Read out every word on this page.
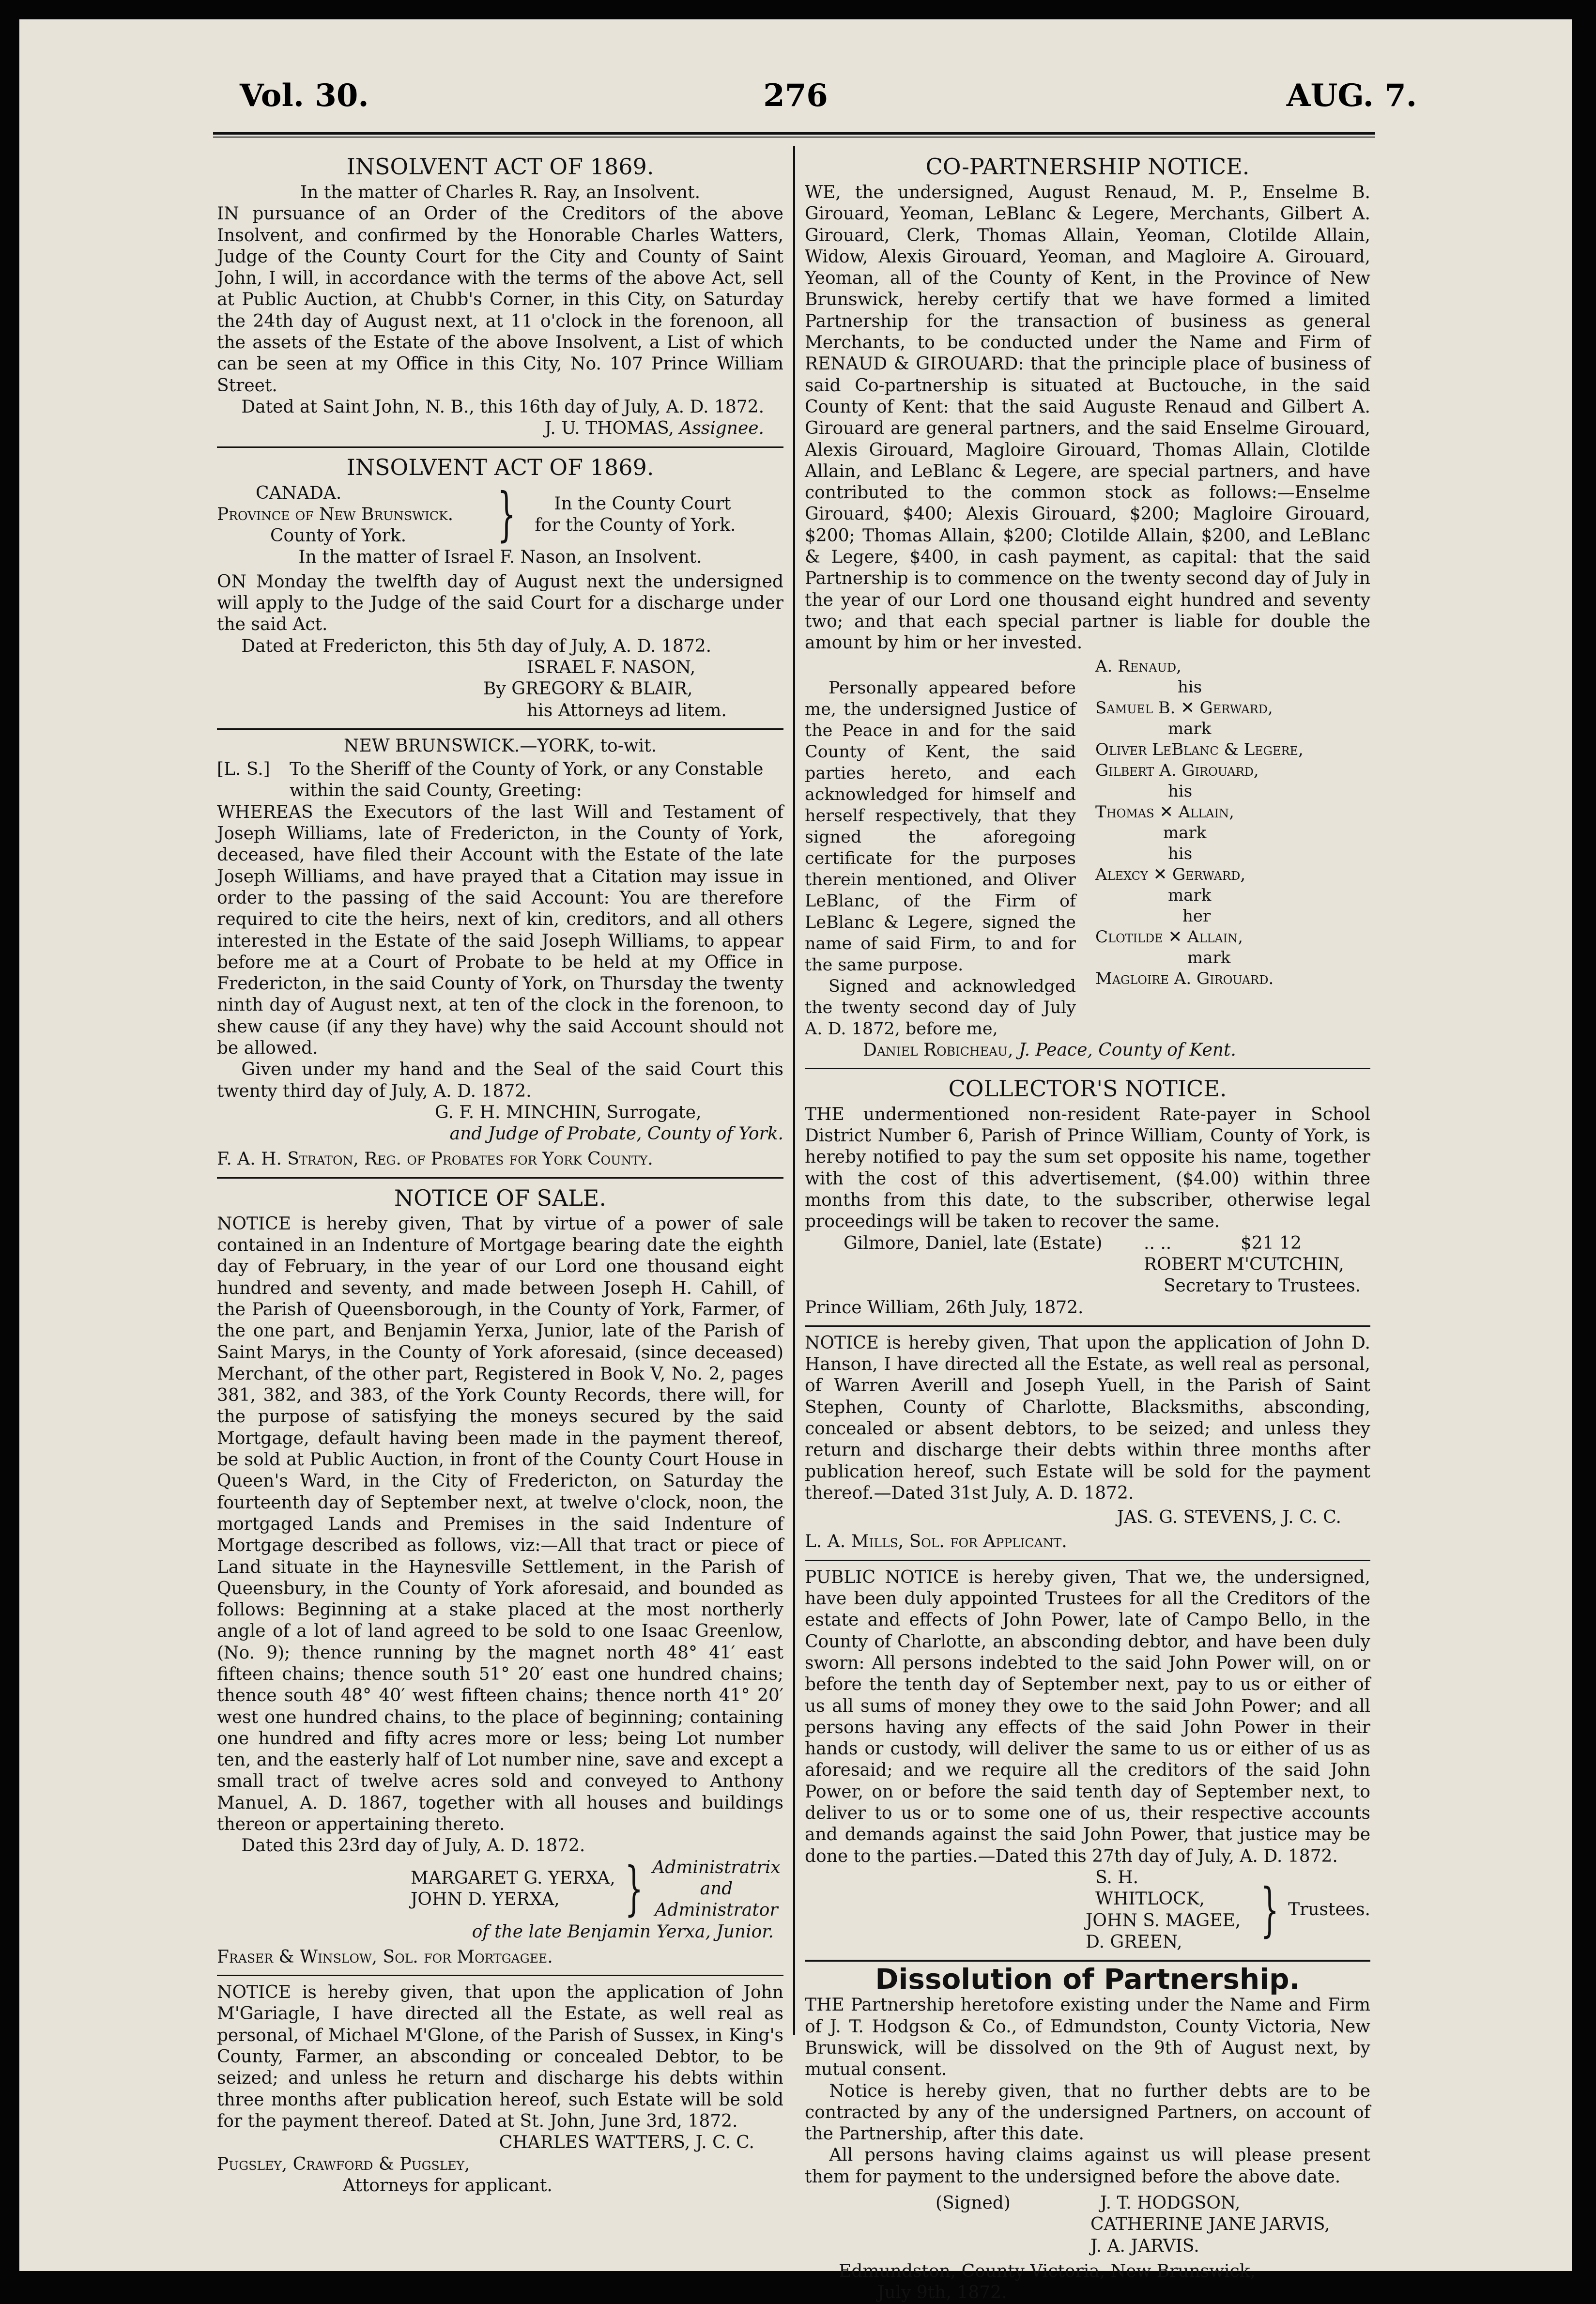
276
Vol. 30.	AUG. 7.
INSOLVENT ACT OF 1869.

In the matter of Charles R. Ray, an Insolvent.

IN pursuance of an Order of the Creditors of the above Insolvent, and confirmed by the Honorable Charles Watters, Judge of the County Court for the City and County of Saint John, I will, in accordance with the terms of the above Act, sell at Public Auction, at Chubb's Corner, in this City, on Saturday the 24th day of August next, at 11 o'clock in the forenoon, all the assets of the Estate of the above Insolvent, a List of which can be seen at my Office in this City, No. 107 Prince William Street.

Dated at Saint John, N. B., this 16th day of July, A. D. 1872.

J. U. THOMAS, Assignee.

INSOLVENT ACT OF 1869.
CANADA.
Province of New Brunswick.
County of York.	}	In the County Court
for the County of York.

In the matter of Israel F. Nason, an Insolvent.

ON Monday the twelfth day of August next the undersigned will apply to the Judge of the said Court for a discharge under the said Act.

Dated at Fredericton, this 5th day of July, A. D. 1872.

ISRAEL F. NASON,

By GREGORY & BLAIR,

his Attorneys ad litem.

NEW BRUNSWICK.—YORK, to-wit.
[L. S.]	To the Sheriff of the County of York, or any Constable within the said County, Greeting:

WHEREAS the Executors of the last Will and Testament of Joseph Williams, late of Fredericton, in the County of York, deceased, have filed their Account with the Estate of the late Joseph Williams, and have prayed that a Citation may issue in order to the passing of the said Account: You are therefore required to cite the heirs, next of kin, creditors, and all others interested in the Estate of the said Joseph Williams, to appear before me at a Court of Probate to be held at my Office in Fredericton, in the said County of York, on Thursday the twenty ninth day of August next, at ten of the clock in the forenoon, to shew cause (if any they have) why the said Account should not be allowed.

Given under my hand and the Seal of the said Court this twenty third day of July, A. D. 1872.

G. F. H. MINCHIN, Surrogate,

and Judge of Probate, County of York.

F. A. H. Straton, Reg. of Probates for York County.

NOTICE OF SALE.

NOTICE is hereby given, That by virtue of a power of sale contained in an Indenture of Mortgage bearing date the eighth day of February, in the year of our Lord one thousand eight hundred and seventy, and made between Joseph H. Cahill, of the Parish of Queensborough, in the County of York, Farmer, of the one part, and Benjamin Yerxa, Junior, late of the Parish of Saint Marys, in the County of York aforesaid, (since deceased) Merchant, of the other part, Registered in Book V, No. 2, pages 381, 382, and 383, of the York County Records, there will, for the purpose of satisfying the moneys secured by the said Mortgage, default having been made in the payment thereof, be sold at Public Auction, in front of the County Court House in Queen's Ward, in the City of Fredericton, on Saturday the fourteenth day of September next, at twelve o'clock, noon, the mortgaged Lands and Premises in the said Indenture of Mortgage described as follows, viz:—All that tract or piece of Land situate in the Haynesville Settlement, in the Parish of Queensbury, in the County of York aforesaid, and bounded as follows: Beginning at a stake placed at the most northerly angle of a lot of land agreed to be sold to one Isaac Greenlow, (No. 9); thence running by the magnet north 48° 41′ east fifteen chains; thence south 51° 20′ east one hundred chains; thence south 48° 40′ west fifteen chains; thence north 41° 20′ west one hundred chains, to the place of beginning; containing one hundred and fifty acres more or less; being Lot number ten, and the easterly half of Lot number nine, save and except a small tract of twelve acres sold and conveyed to Anthony Manuel, A. D. 1867, together with all houses and buildings thereon or appertaining thereto.

Dated this 23rd day of July, A. D. 1872.

MARGARET G. YERXA,
JOHN D. YERXA,	} Administratrix
and
Administrator

of the late Benjamin Yerxa, Junior.

Fraser & Winslow, Sol. for Mortgagee.

NOTICE is hereby given, that upon the application of John M'Gariagle, I have directed all the Estate, as well real as personal, of Michael M'Glone, of the Parish of Sussex, in King's County, Farmer, an absconding or concealed Debtor, to be seized; and unless he return and discharge his debts within three months after publication hereof, such Estate will be sold for the payment thereof. Dated at St. John, June 3rd, 1872.

CHARLES WATTERS, J. C. C.

Pugsley, Crawford & Pugsley,

Attorneys for applicant.

CO-PARTNERSHIP NOTICE.

WE, the undersigned, August Renaud, M. P., Enselme B. Girouard, Yeoman, LeBlanc & Legere, Merchants, Gilbert A. Girouard, Clerk, Thomas Allain, Yeoman, Clotilde Allain, Widow, Alexis Girouard, Yeoman, and Magloire A. Girouard, Yeoman, all of the County of Kent, in the Province of New Brunswick, hereby certify that we have formed a limited Partnership for the transaction of business as general Merchants, to be conducted under the Name and Firm of RENAUD & GIROUARD: that the principle place of business of said Co-partnership is situated at Buctouche, in the said County of Kent: that the said Auguste Renaud and Gilbert A. Girouard are general partners, and the said Enselme Girouard, Alexis Girouard, Magloire Girouard, Thomas Allain, Clotilde Allain, and LeBlanc & Legere, are special partners, and have contributed to the common stock as follows:—Enselme Girouard, $400; Alexis Girouard, $200; Magloire Girouard, $200; Thomas Allain, $200; Clotilde Allain, $200, and LeBlanc & Legere, $400, in cash payment, as capital: that the said Partnership is to commence on the twenty second day of July in the year of our Lord one thousand eight hundred and seventy two; and that each special partner is liable for double the amount by him or her invested.

Personally appeared before me, the undersigned Justice of the Peace in and for the said County of Kent, the said parties hereto, and each acknowledged for himself and herself respectively, that they signed the aforegoing certificate for the purposes therein mentioned, and Oliver LeBlanc, of the Firm of LeBlanc & Legere, signed the name of said Firm, to and for the same purpose.

Signed and acknowledged the twenty second day of July A. D. 1872, before me,

A. Renaud,
his
Samuel B. ✕ Gerward,
mark
Oliver LeBlanc & Legere,
Gilbert A. Girouard,
his
Thomas ✕ Allain,
mark
his
Alexcy ✕ Gerward,
mark
her
Clotilde ✕ Allain,
mark
Magloire A. Girouard.

Daniel Robicheau, J. Peace, County of Kent.

COLLECTOR'S NOTICE.

THE undermentioned non-resident Rate-payer in School District Number 6, Parish of Prince William, County of York, is hereby notified to pay the sum set opposite his name, together with the cost of this advertisement, ($4.00) within three months from this date, to the subscriber, otherwise legal proceedings will be taken to recover the same.

Gilmore, Daniel, late (Estate)	.. ..	$21 12

ROBERT M'CUTCHIN,

Secretary to Trustees.

Prince William, 26th July, 1872.

NOTICE is hereby given, That upon the application of John D. Hanson, I have directed all the Estate, as well real as personal, of Warren Averill and Joseph Yuell, in the Parish of Saint Stephen, County of Charlotte, Blacksmiths, absconding, concealed or absent debtors, to be seized; and unless they return and discharge their debts within three months after publication hereof, such Estate will be sold for the payment thereof.—Dated 31st July, A. D. 1872.

JAS. G. STEVENS, J. C. C.

L. A. Mills, Sol. for Applicant.

PUBLIC NOTICE is hereby given, That we, the undersigned, have been duly appointed Trustees for all the Creditors of the estate and effects of John Power, late of Campo Bello, in the County of Charlotte, an absconding debtor, and have been duly sworn: All persons indebted to the said John Power will, on or before the tenth day of September next, pay to us or either of us all sums of money they owe to the said John Power; and all persons having any effects of the said John Power in their hands or custody, will deliver the same to us or either of us as aforesaid; and we require all the creditors of the said John Power, on or before the said tenth day of September next, to deliver to us or to some one of us, their respective accounts and demands against the said John Power, that justice may be done to the parties.—Dated this 27th day of July, A. D. 1872.

S. H. WHITLOCK,
JOHN S. MAGEE,
D. GREEN,	} Trustees.
Dissolution of Partnership.

THE Partnership heretofore existing under the Name and Firm of J. T. Hodgson & Co., of Edmundston, County Victoria, New Brunswick, will be dissolved on the 9th of August next, by mutual consent.

Notice is hereby given, that no further debts are to be contracted by any of the undersigned Partners, on account of the Partnership, after this date.

All persons having claims against us will please present them for payment to the undersigned before the above date.

(Signed)	J. T. HODGSON,
CATHERINE JANE JARVIS,
J. A. JARVIS.

Edmundston, County Victoria, New Brunswick,

July 9th, 1872.
